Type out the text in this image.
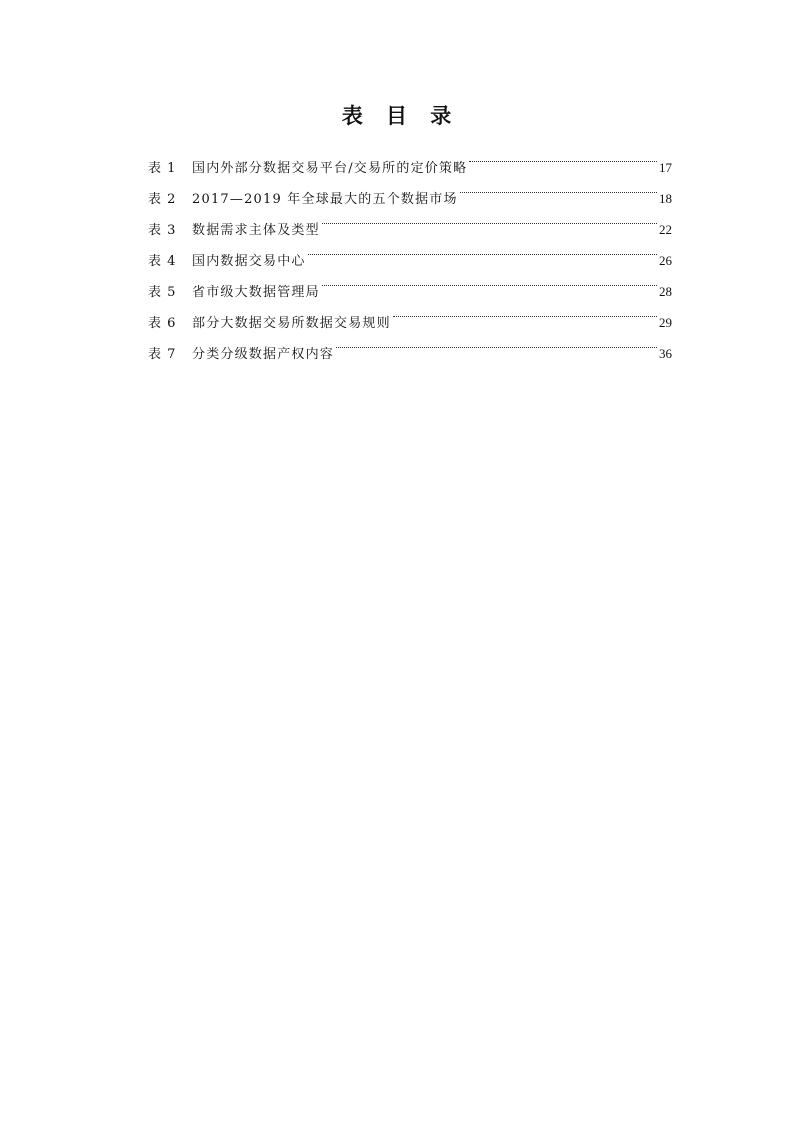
表 目 录
表 1	国内外部分数据交易平台/交易所的定价策略	17
表 2	2017—2019 年全球最大的五个数据市场	18
表 3	数据需求主体及类型	22
表 4	国内数据交易中心	26
表 5	省市级大数据管理局	28
表 6	部分大数据交易所数据交易规则	29
表 7	分类分级数据产权内容	36
